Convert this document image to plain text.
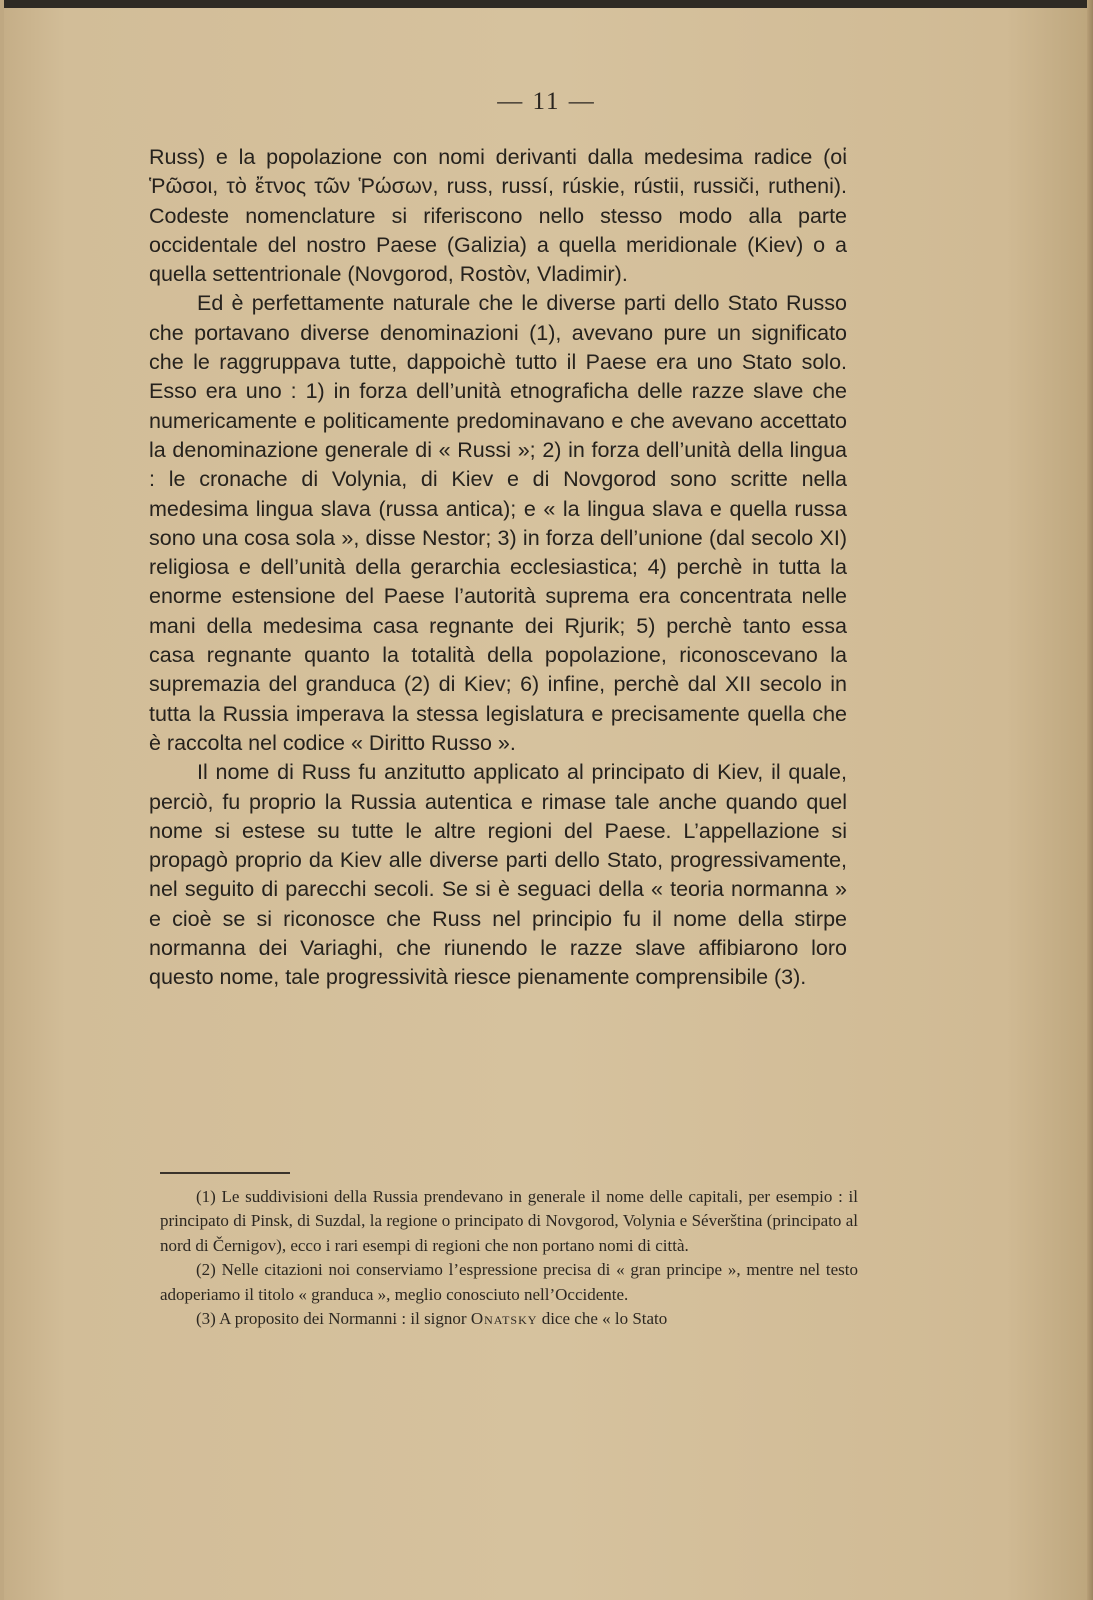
— 11 —

Russ) e la popolazione con nomi derivanti dalla medesima radice (οἱ Ῥῶσοι, τὸ ἔτνος τῶν Ῥώσων, russ, russí, rúskie, rústii, russiči, rutheni). Codeste nomenclature si riferiscono nello stesso modo alla parte occidentale del nostro Paese (Galizia) a quella meridionale (Kiev) o a quella settentrionale (Novgorod, Rostòv, Vladimir).

Ed è perfettamente naturale che le diverse parti dello Stato Russo che portavano diverse denominazioni (1), avevano pure un significato che le raggruppava tutte, dappoichè tutto il Paese era uno Stato solo. Esso era uno : 1) in forza dell’unità etnograficha delle razze slave che numericamente e politicamente predominavano e che avevano accettato la denominazione generale di « Russi »; 2) in forza dell’unità della lingua : le cronache di Volynia, di Kiev e di Novgorod sono scritte nella medesima lingua slava (russa antica); e « la lingua slava e quella russa sono una cosa sola », disse Nestor; 3) in forza dell’unione (dal secolo XI) religiosa e dell’unità della gerarchia ecclesiastica; 4) perchè in tutta la enorme estensione del Paese l’autorità suprema era concentrata nelle mani della medesima casa regnante dei Rjurik; 5) perchè tanto essa casa regnante quanto la totalità della popolazione, riconoscevano la supremazia del granduca (2) di Kiev; 6) infine, perchè dal XII secolo in tutta la Russia imperava la stessa legislatura e precisamente quella che è raccolta nel codice « Diritto Russo ».

Il nome di Russ fu anzitutto applicato al principato di Kiev, il quale, perciò, fu proprio la Russia autentica e rimase tale anche quando quel nome si estese su tutte le altre regioni del Paese. L’appellazione si propagò proprio da Kiev alle diverse parti dello Stato, progressivamente, nel seguito di parecchi secoli. Se si è seguaci della « teoria normanna » e cioè se si riconosce che Russ nel principio fu il nome della stirpe normanna dei Variaghi, che riunendo le razze slave affibiarono loro questo nome, tale progressività riesce pienamente comprensibile (3).

(1) Le suddivisioni della Russia prendevano in generale il nome delle capitali, per esempio : il principato di Pinsk, di Suzdal, la regione o principato di Novgorod, Volynia e Séverština (principato al nord di Černigov), ecco i rari esempi di regioni che non portano nomi di città.

(2) Nelle citazioni noi conserviamo l’espressione precisa di « gran principe », mentre nel testo adoperiamo il titolo « granduca », meglio conosciuto nell’Occidente.

(3) A proposito dei Normanni : il signor Onatsky dice che « lo Stato
